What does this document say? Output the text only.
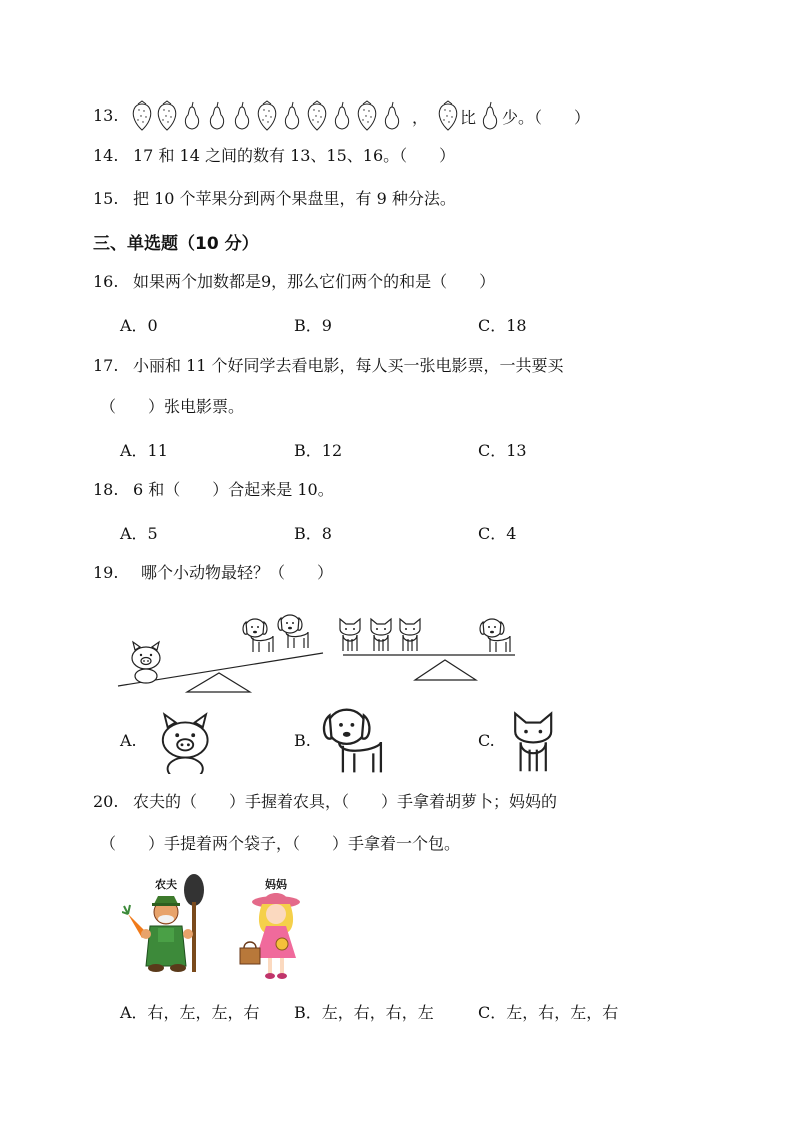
13.	， 比 少。（　　）
14. 17 和 14 之间的数有 13、15、16。（　　）
15. 把 10 个苹果分到两个果盘里，有 9 种分法。
三、单选题（10 分）
16. 如果两个加数都是9，那么它们两个的和是（　　）
A．0	B．9	C．18
17. 小丽和 11 个好同学去看电影，每人买一张电影票，一共要买
（　　）张电影票。
A．11	B．12	C．13
18. 6 和（　　）合起来是 10。
A．5	B．8	C．4
19. 哪个小动物最轻？（　　）
A.	B.	C.
20. 农夫的（　　）手握着农具，（　　）手拿着胡萝卜；妈妈的
（　　）手提着两个袋子，（　　）手拿着一个包。
农夫	妈妈
A．右，左，左，右 B．左，右，右，左	C．左，右，左，右
